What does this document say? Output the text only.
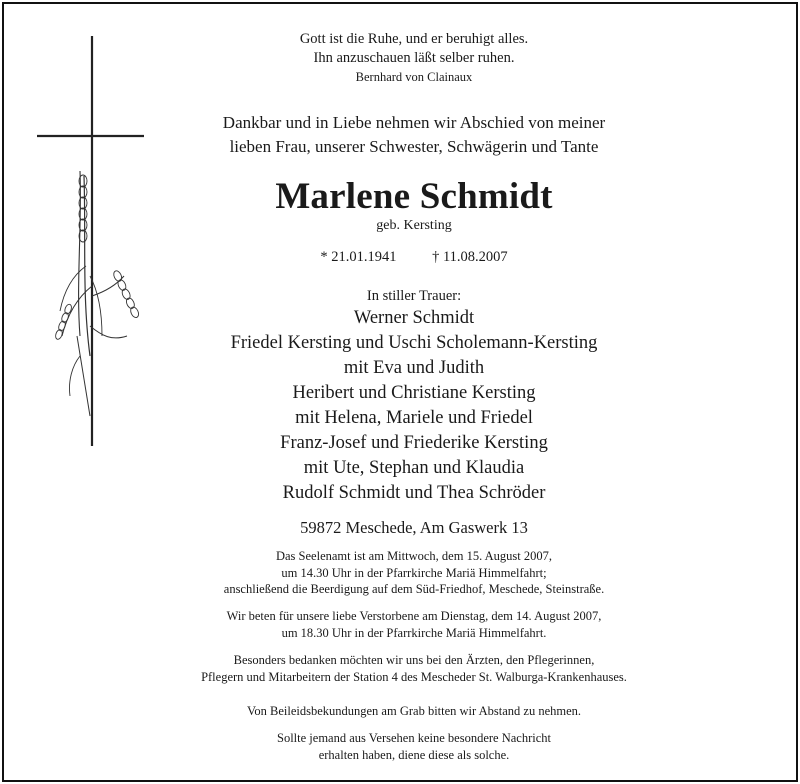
Gott ist die Ruhe, und er beruhigt alles.
Ihn anzuschauen läßt selber ruhen.
Bernhard von Clainaux
Dankbar und in Liebe nehmen wir Abschied von meiner
lieben Frau, unserer Schwester, Schwägerin und Tante
Marlene Schmidt
geb. Kersting
* 21.01.1941 † 11.08.2007
In stiller Trauer:
Werner Schmidt
Friedel Kersting und Uschi Scholemann-Kersting
mit Eva und Judith
Heribert und Christiane Kersting
mit Helena, Mariele und Friedel
Franz-Josef und Friederike Kersting
mit Ute, Stephan und Klaudia
Rudolf Schmidt und Thea Schröder
59872 Meschede, Am Gaswerk 13
Das Seelenamt ist am Mittwoch, dem 15. August 2007,
um 14.30 Uhr in der Pfarrkirche Mariä Himmelfahrt;
anschließend die Beerdigung auf dem Süd-Friedhof, Meschede, Steinstraße.
Wir beten für unsere liebe Verstorbene am Dienstag, dem 14. August 2007,
um 18.30 Uhr in der Pfarrkirche Mariä Himmelfahrt.
Besonders bedanken möchten wir uns bei den Ärzten, den Pflegerinnen,
Pflegern und Mitarbeitern der Station 4 des Mescheder St. Walburga-Krankenhauses.
Von Beileidsbekundungen am Grab bitten wir Abstand zu nehmen.
Sollte jemand aus Versehen keine besondere Nachricht
erhalten haben, diene diese als solche.
